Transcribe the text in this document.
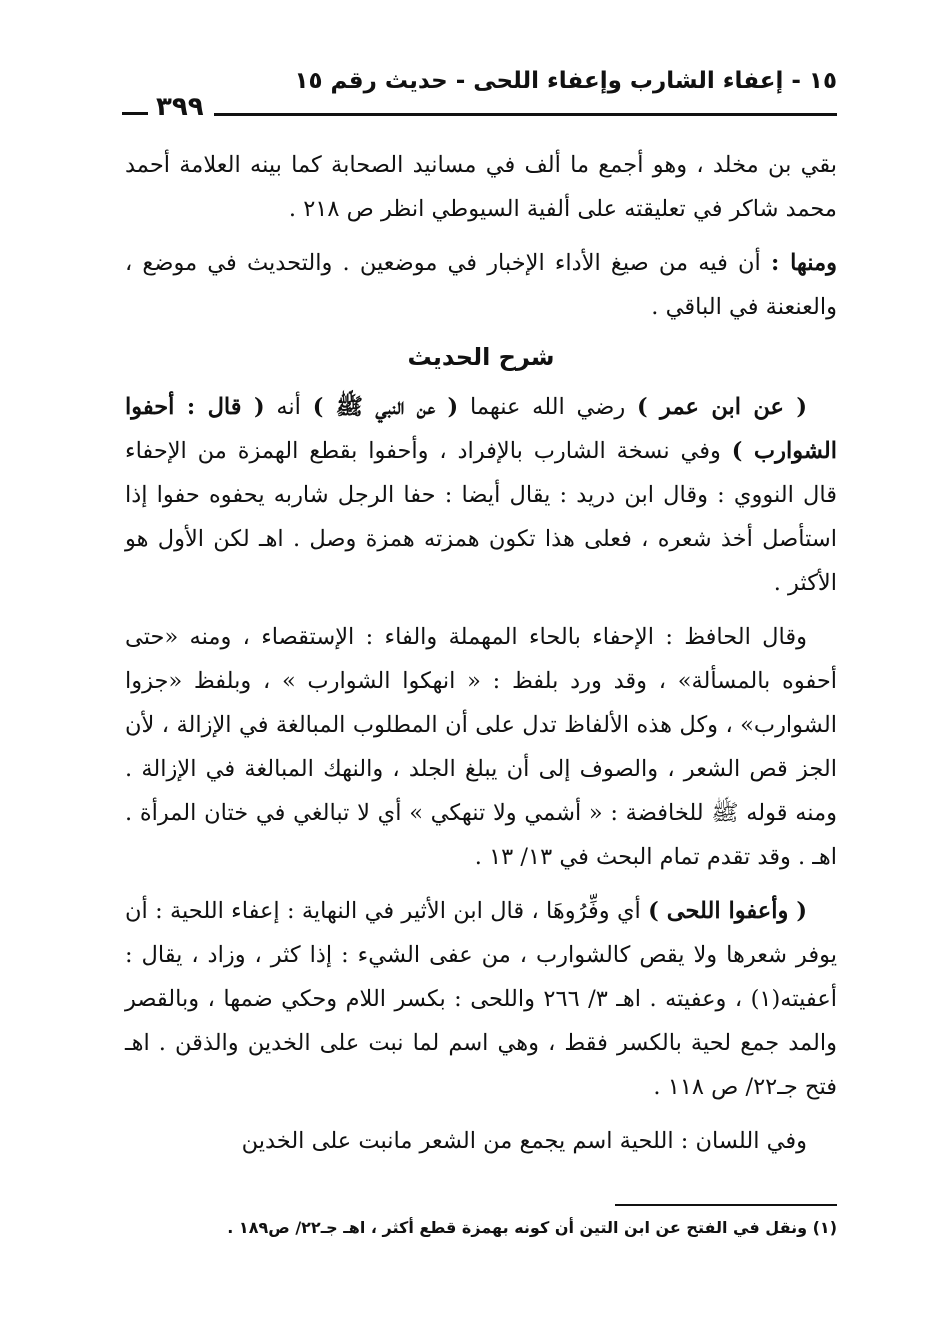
١٥ - إعفاء الشارب وإعفاء اللحى - حديث رقم ١٥
٣٩٩

بقي بن مخلد ، وهو أجمع ما ألف في مسانيد الصحابة كما بينه العلامة أحمد محمد شاكر في تعليقته على ألفية السيوطي انظر ص ٢١٨ .

ومنها : أن فيه من صيغ الأداء الإخبار في موضعين . والتحديث في موضع ، والعنعنة في الباقي .

شرح الحديث

( عن ابن عمر ) رضي الله عنهما ( عن النبي ﷺ ) أنه ( قال : أحفوا الشوارب ) وفي نسخة الشارب بالإفراد ، وأحفوا بقطع الهمزة من الإحفاء قال النووي : وقال ابن دريد : يقال أيضا : حفا الرجل شاربه يحفوه حفوا إذا استأصل أخذ شعره ، فعلى هذا تكون همزته همزة وصل . اهـ لكن الأول هو الأكثر .

وقال الحافظ : الإحفاء بالحاء المهملة والفاء : الإستقصاء ، ومنه «حتى أحفوه بالمسألة» ، وقد ورد بلفظ : « انهكوا الشوارب » ، وبلفظ «جزوا الشوارب» ، وكل هذه الألفاظ تدل على أن المطلوب المبالغة في الإزالة ، لأن الجز قص الشعر ، والصوف إلى أن يبلغ الجلد ، والنهك المبالغة في الإزالة . ومنه قوله ﷺ للخافضة : « أشمي ولا تنهكي » أي لا تبالغي في ختان المرأة . اهـ . وقد تقدم تمام البحث في ١٣/ ١٣ .

( وأعفوا اللحى ) أي وفِّرُوهَا ، قال ابن الأثير في النهاية : إعفاء اللحية : أن يوفر شعرها ولا يقص كالشوارب ، من عفى الشيء : إذا كثر ، وزاد ، يقال : أعفيته(١) ، وعفيته . اهـ ٣/ ٢٦٦ واللحى : بكسر اللام وحكي ضمها ، وبالقصر والمد جمع لحية بالكسر فقط ، وهي اسم لما نبت على الخدين والذقن . اهـ فتح جـ٢٢/ ص ١١٨ .

وفي اللسان : اللحية اسم يجمع من الشعر مانبت على الخدين

(١) ونقل في الفتح عن ابن التين أن كونه بهمزة قطع أكثر ، اهـ جـ٢٢/ ص١٨٩ .
